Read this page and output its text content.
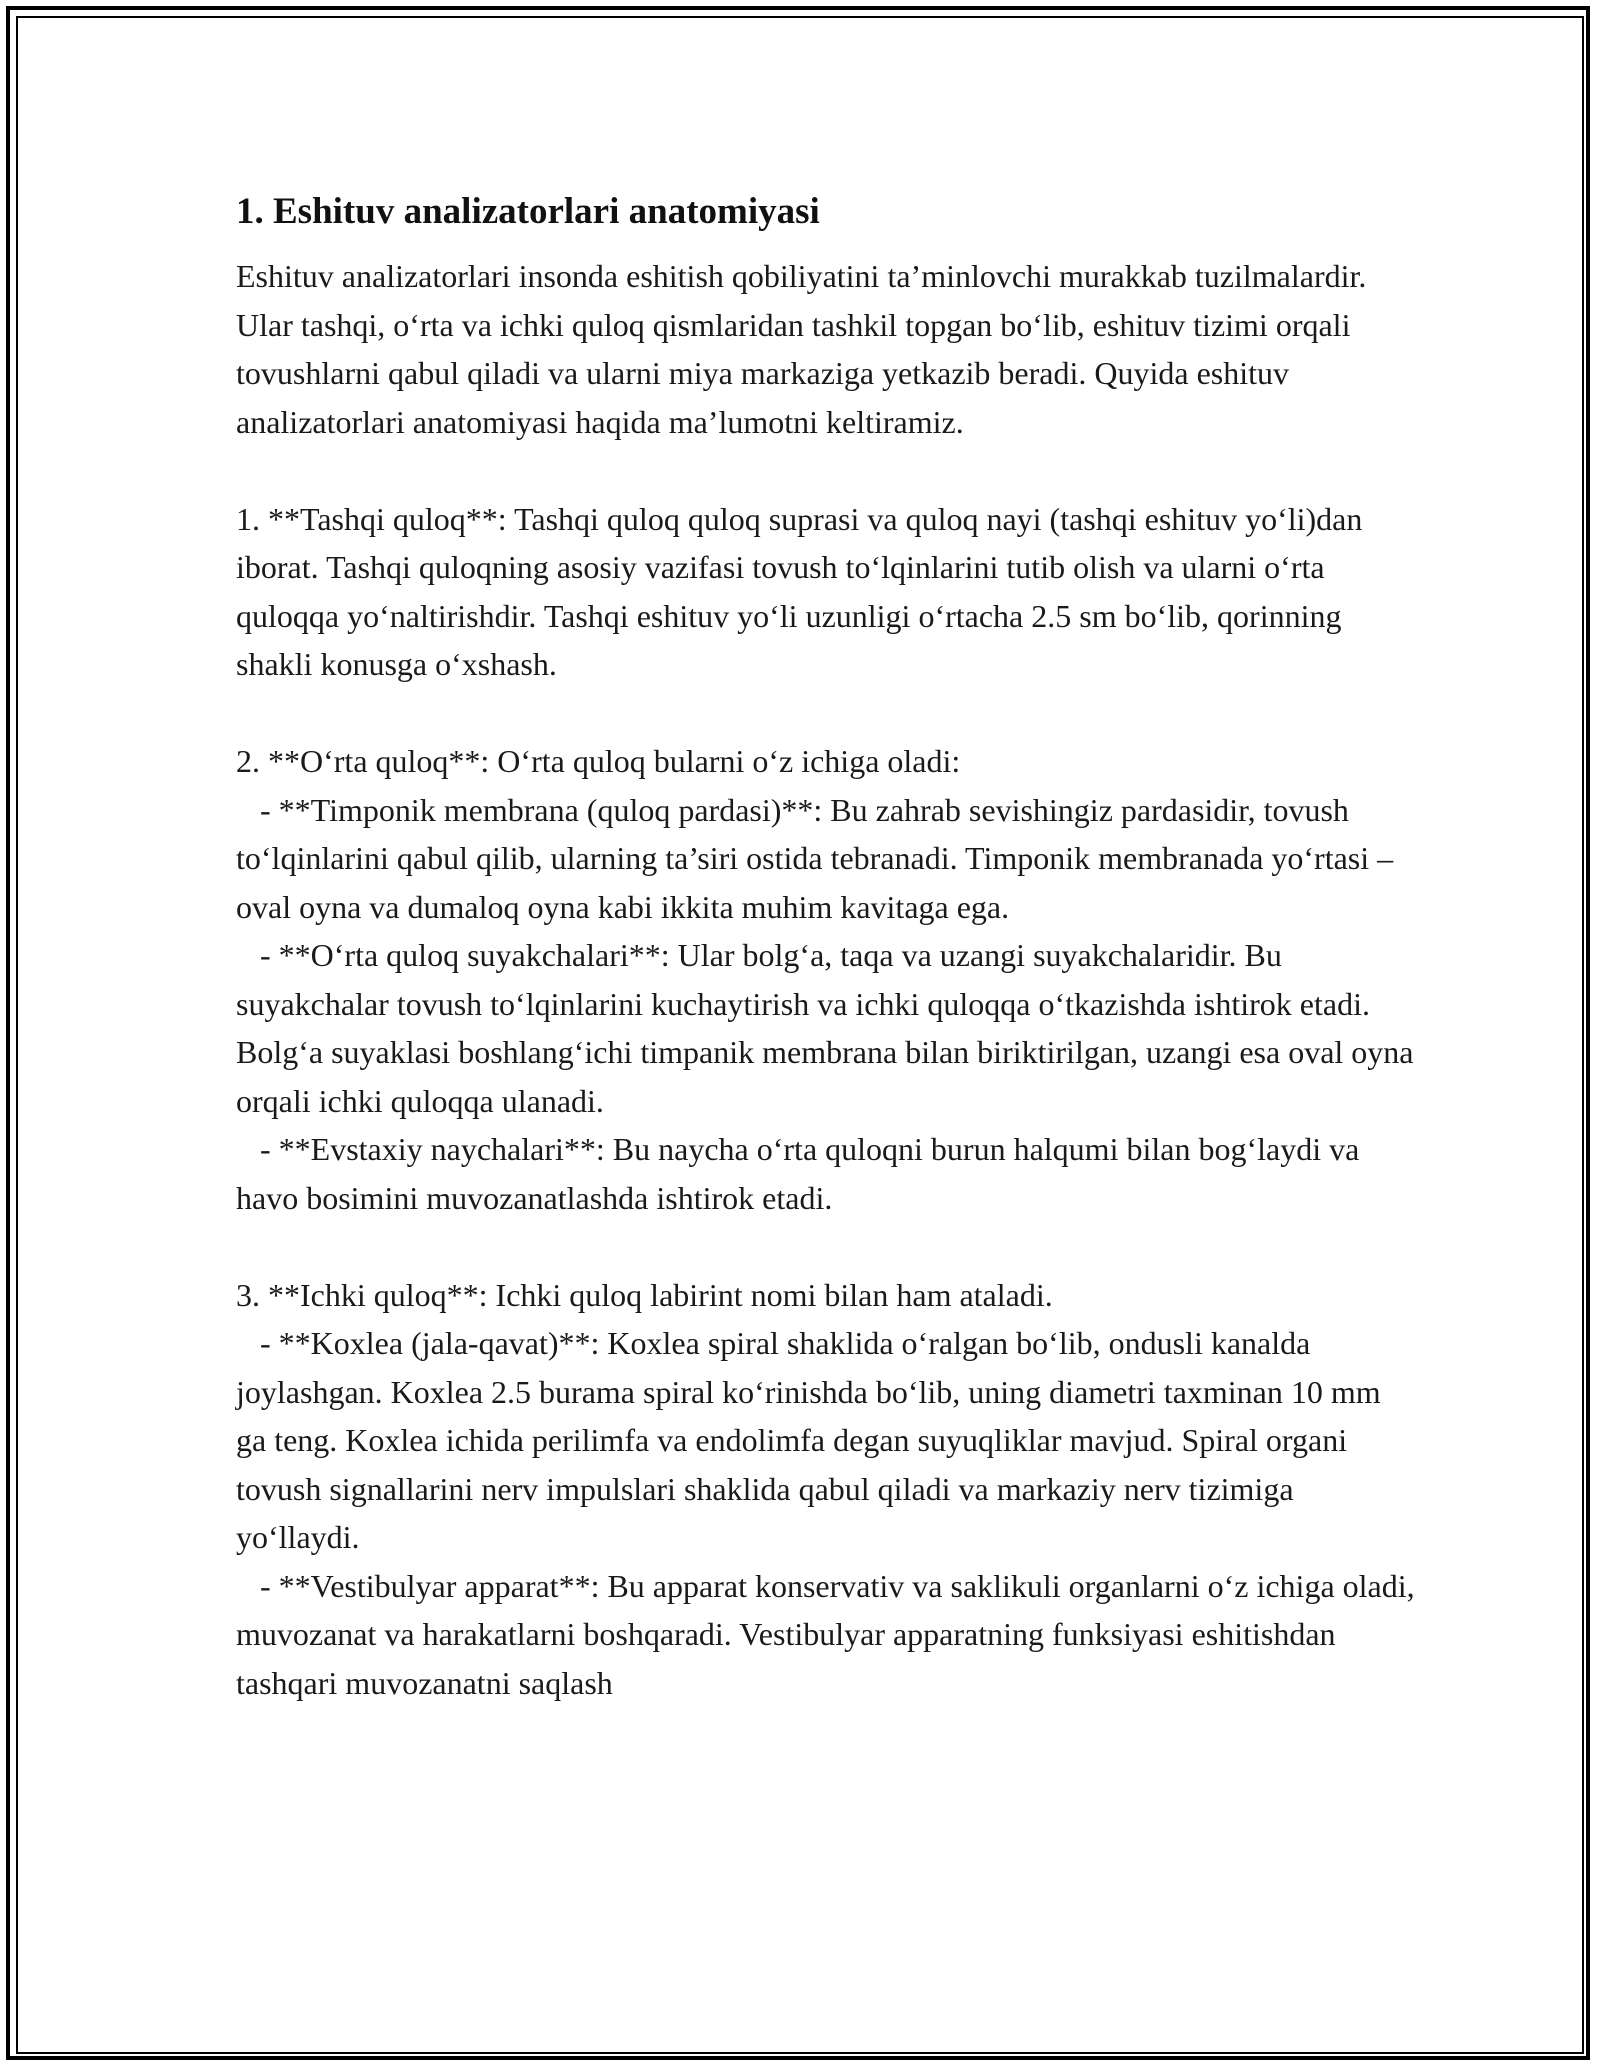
1. Eshituv analizatorlari anatomiyasi

Eshituv analizatorlari insonda eshitish qobiliyatini ta’minlovchi murakkab tuzilmalardir. Ular tashqi, o‘rta va ichki quloq qismlaridan tashkil topgan bo‘lib, eshituv tizimi orqali tovushlarni qabul qiladi va ularni miya markaziga yetkazib beradi. Quyida eshituv analizatorlari anatomiyasi haqida ma’lumotni keltiramiz.

1. **Tashqi quloq**: Tashqi quloq quloq suprasi va quloq nayi (tashqi eshituv yo‘li)dan iborat. Tashqi quloqning asosiy vazifasi tovush to‘lqinlarini tutib olish va ularni o‘rta quloqqa yo‘naltirishdir. Tashqi eshituv yo‘li uzunligi o‘rtacha 2.5 sm bo‘lib, qorinning shakli konusga o‘xshash.

2. **O‘rta quloq**: O‘rta quloq bularni o‘z ichiga oladi:

- **Timponik membrana (quloq pardasi)**: Bu zahrab sevishingiz pardasidir, tovush to‘lqinlarini qabul qilib, ularning ta’siri ostida tebranadi. Timponik membranada yo‘rtasi – oval oyna va dumaloq oyna kabi ikkita muhim kavitaga ega.

- **O‘rta quloq suyakchalari**: Ular bolg‘a, taqa va uzangi suyakchalaridir. Bu suyakchalar tovush to‘lqinlarini kuchaytirish va ichki quloqqa o‘tkazishda ishtirok etadi. Bolg‘a suyaklasi boshlang‘ichi timpanik membrana bilan biriktirilgan, uzangi esa oval oyna orqali ichki quloqqa ulanadi.

- **Evstaxiy naychalari**: Bu naycha o‘rta quloqni burun halqumi bilan bog‘laydi va havo bosimini muvozanatlashda ishtirok etadi.

3. **Ichki quloq**: Ichki quloq labirint nomi bilan ham ataladi.

- **Koxlea (jala-qavat)**: Koxlea spiral shaklida o‘ralgan bo‘lib, ondusli kanalda joylashgan. Koxlea 2.5 burama spiral ko‘rinishda bo‘lib, uning diametri taxminan 10 mm ga teng. Koxlea ichida perilimfa va endolimfa degan suyuqliklar mavjud. Spiral organi tovush signallarini nerv impulslari shaklida qabul qiladi va markaziy nerv tizimiga yo‘llaydi.

- **Vestibulyar apparat**: Bu apparat konservativ va saklikuli organlarni o‘z ichiga oladi, muvozanat va harakatlarni boshqaradi. Vestibulyar apparatning funksiyasi eshitishdan tashqari muvozanatni saqlash
